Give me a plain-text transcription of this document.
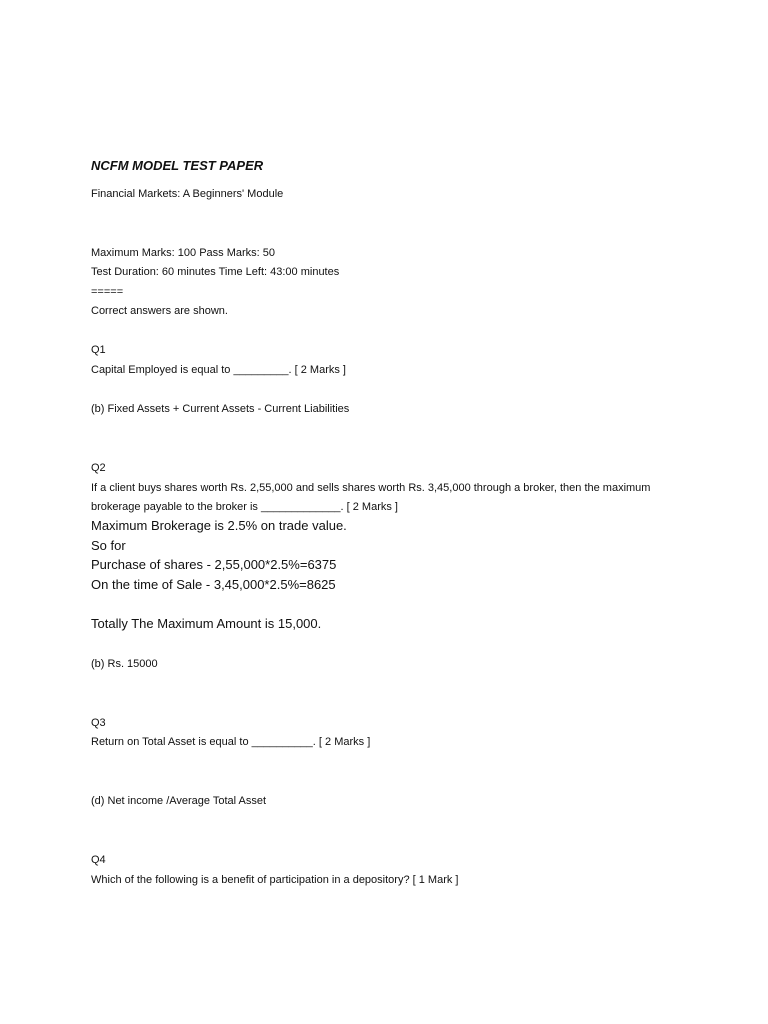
NCFM MODEL TEST PAPER
Financial Markets: A Beginners' Module
Maximum Marks: 100 Pass Marks: 50
Test Duration: 60 minutes Time Left: 43:00 minutes
=====
Correct answers are shown.
Q1
Capital Employed is equal to _________. [ 2 Marks ]
(b) Fixed Assets + Current Assets - Current Liabilities
Q2
If a client buys shares worth Rs. 2,55,000 and sells shares worth Rs. 3,45,000 through a broker, then the maximum
brokerage payable to the broker is _____________. [ 2 Marks ]
Maximum Brokerage is 2.5% on trade value.
So for
Purchase of shares - 2,55,000*2.5%=6375
On the time of Sale - 3,45,000*2.5%=8625
Totally The Maximum Amount is 15,000.
(b) Rs. 15000
Q3
Return on Total Asset is equal to __________. [ 2 Marks ]
(d) Net income /Average Total Asset
Q4
Which of the following is a benefit of participation in a depository? [ 1 Mark ]
